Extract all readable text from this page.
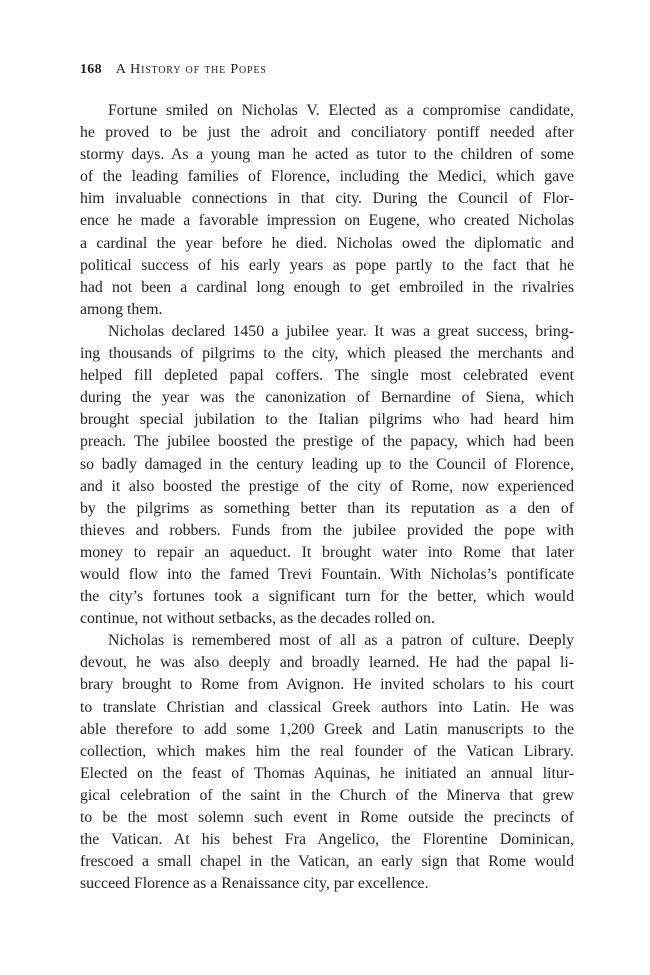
168 A History of the Popes
Fortune smiled on Nicholas V. Elected as a compromise candidate,
he proved to be just the adroit and conciliatory pontiff needed after
stormy days. As a young man he acted as tutor to the children of some
of the leading families of Florence, including the Medici, which gave
him invaluable connections in that city. During the Council of Flor-
ence he made a favorable impression on Eugene, who created Nicholas
a cardinal the year before he died. Nicholas owed the diplomatic and
political success of his early years as pope partly to the fact that he
had not been a cardinal long enough to get embroiled in the rivalries
among them.
Nicholas declared 1450 a jubilee year. It was a great success, bring-
ing thousands of pilgrims to the city, which pleased the merchants and
helped fill depleted papal coffers. The single most celebrated event
during the year was the canonization of Bernardine of Siena, which
brought special jubilation to the Italian pilgrims who had heard him
preach. The jubilee boosted the prestige of the papacy, which had been
so badly damaged in the century leading up to the Council of Florence,
and it also boosted the prestige of the city of Rome, now experienced
by the pilgrims as something better than its reputation as a den of
thieves and robbers. Funds from the jubilee provided the pope with
money to repair an aqueduct. It brought water into Rome that later
would flow into the famed Trevi Fountain. With Nicholas’s pontificate
the city’s fortunes took a significant turn for the better, which would
continue, not without setbacks, as the decades rolled on.
Nicholas is remembered most of all as a patron of culture. Deeply
devout, he was also deeply and broadly learned. He had the papal li-
brary brought to Rome from Avignon. He invited scholars to his court
to translate Christian and classical Greek authors into Latin. He was
able therefore to add some 1,200 Greek and Latin manuscripts to the
collection, which makes him the real founder of the Vatican Library.
Elected on the feast of Thomas Aquinas, he initiated an annual litur-
gical celebration of the saint in the Church of the Minerva that grew
to be the most solemn such event in Rome outside the precincts of
the Vatican. At his behest Fra Angelico, the Florentine Dominican,
frescoed a small chapel in the Vatican, an early sign that Rome would
succeed Florence as a Renaissance city, par excellence.
